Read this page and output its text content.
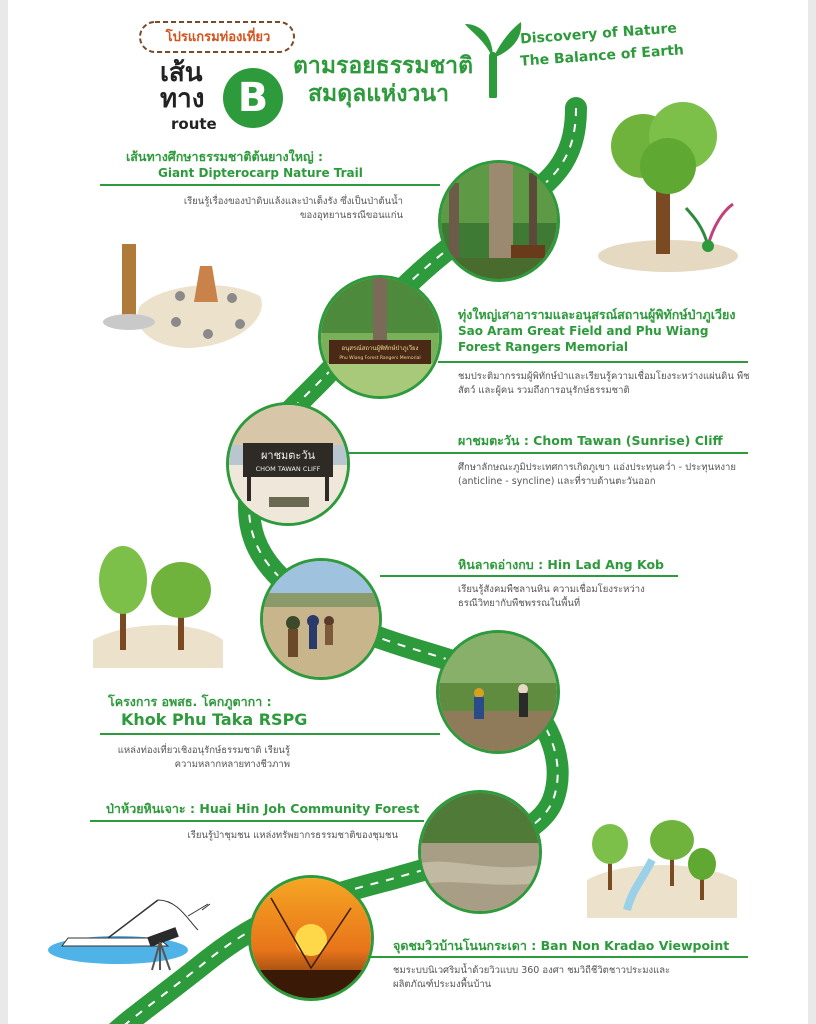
โปรแกรมท่องเที่ยว
เส้น
ทาง
route
B
ตามรอยธรรมชาติ
สมดุลแห่งวนา
Discovery of Nature
The Balance of Earth
เส้นทางศึกษาธรรมชาติต้นยางใหญ่ :
Giant Dipterocarp Nature Trail
เรียนรู้เรื่องของป่าดิบแล้งและป่าเต็งรัง ซึ่งเป็นป่าต้นน้ำของอุทยานธรณีขอนแก่น
อนุสรณ์สถานผู้พิทักษ์ป่าภูเวียง
Phu Wiang Forest Rangers Memorial
ทุ่งใหญ่เสาอารามและอนุสรณ์สถานผู้พิทักษ์ป่าภูเวียง
Sao Aram Great Field and Phu Wiang Forest Rangers Memorial
ชมประติมากรรมผู้พิทักษ์ป่าและเรียนรู้ความเชื่อมโยงระหว่างแผ่นดิน พืช สัตว์ และผู้คน รวมถึงการอนุรักษ์ธรรมชาติ
ผาชมตะวัน
CHOM TAWAN CLIFF
ผาชมตะวัน : Chom Tawan (Sunrise) Cliff
ศึกษาลักษณะภูมิประเทศการเกิดภูเขา แอ่งประทุนคว่ำ - ประทุนหงาย (anticline - syncline) และที่ราบด้านตะวันออก
หินลาดอ่างกบ : Hin Lad Ang Kob
เรียนรู้สังคมพืชลานหิน ความเชื่อมโยงระหว่าง ธรณีวิทยากับพืชพรรณในพื้นที่
โครงการ อพสธ. โคกภูตากา :
Khok Phu Taka RSPG
แหล่งท่องเที่ยวเชิงอนุรักษ์ธรรมชาติ เรียนรู้ความหลากหลายทางชีวภาพ
ป่าห้วยหินเจาะ : Huai Hin Joh Community Forest
เรียนรู้ป่าชุมชน แหล่งทรัพยากรธรรมชาติของชุมชน
จุดชมวิวบ้านโนนกระเดา : Ban Non Kradao Viewpoint
ชมระบบนิเวศริมน้ำด้วยวิวแบบ 360 องศา ชมวิถีชีวิตชาวประมงและ ผลิตภัณฑ์ประมงพื้นบ้าน
